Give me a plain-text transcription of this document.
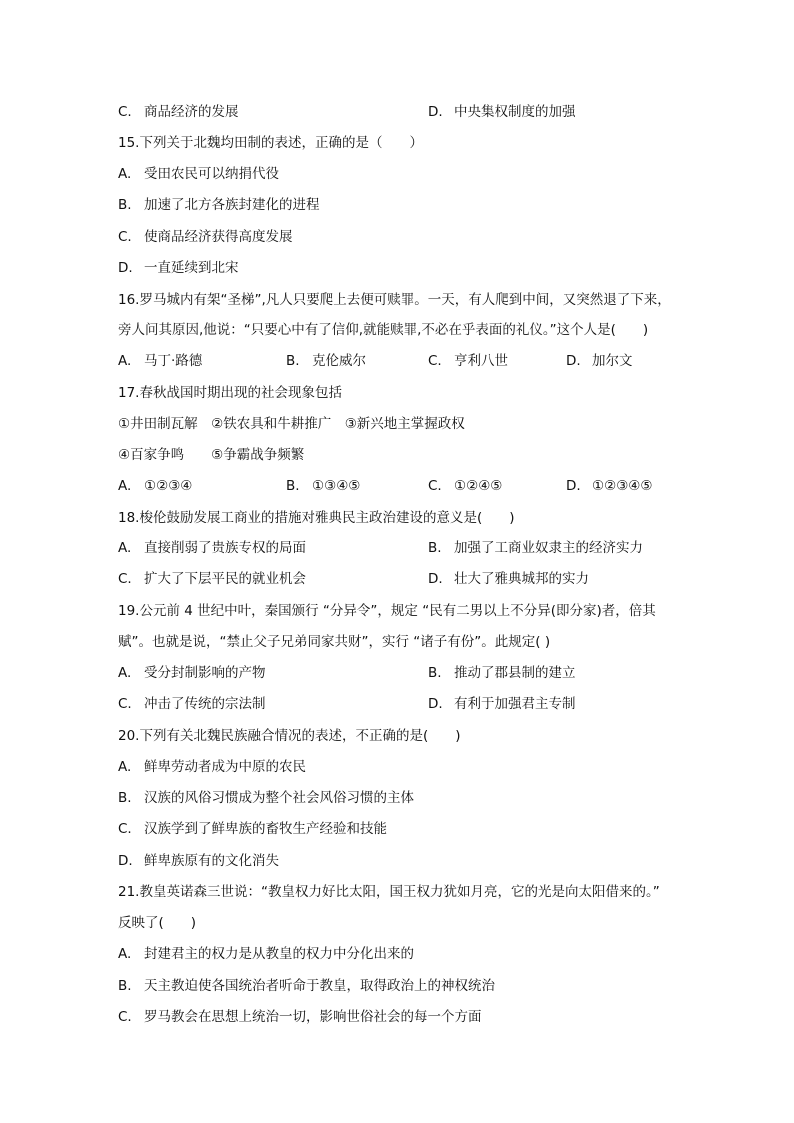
C. 商品经济的发展	D. 中央集权制度的加强
15.下列关于北魏均田制的表述，正确的是（　　）
A. 受田农民可以纳捐代役
B. 加速了北方各族封建化的进程
C. 使商品经济获得高度发展
D. 一直延续到北宋
16.罗马城内有架“圣梯”,凡人只要爬上去便可赎罪。一天，有人爬到中间，又突然退了下来，
旁人问其原因,他说：“只要心中有了信仰,就能赎罪,不必在乎表面的礼仪。”这个人是(　　)
A. 马丁·路德	B. 克伦威尔	C. 亨利八世	D. 加尔文
17.春秋战国时期出现的社会现象包括
①井田制瓦解　②铁农具和牛耕推广　③新兴地主掌握政权
④百家争鸣　　⑤争霸战争频繁
A. ①②③④	B. ①③④⑤	C. ①②④⑤	D. ①②③④⑤
18.梭伦鼓励发展工商业的措施对雅典民主政治建设的意义是(　　)
A. 直接削弱了贵族专权的局面	B. 加强了工商业奴隶主的经济实力
C. 扩大了下层平民的就业机会	D. 壮大了雅典城邦的实力
19.公元前 4 世纪中叶，秦国颁行 “分异令”，规定 “民有二男以上不分异(即分家)者，倍其
赋”。也就是说，“禁止父子兄弟同家共财”，实行 “诸子有份”。此规定( )
A. 受分封制影响的产物	B. 推动了郡县制的建立
C. 冲击了传统的宗法制	D. 有利于加强君主专制
20.下列有关北魏民族融合情况的表述，不正确的是(　　)
A. 鲜卑劳动者成为中原的农民
B. 汉族的风俗习惯成为整个社会风俗习惯的主体
C. 汉族学到了鲜卑族的畜牧生产经验和技能
D. 鲜卑族原有的文化消失
21.教皇英诺森三世说：“教皇权力好比太阳，国王权力犹如月亮，它的光是向太阳借来的。”
反映了(　　)
A. 封建君主的权力是从教皇的权力中分化出来的
B. 天主教迫使各国统治者听命于教皇，取得政治上的神权统治
C. 罗马教会在思想上统治一切，影响世俗社会的每一个方面
